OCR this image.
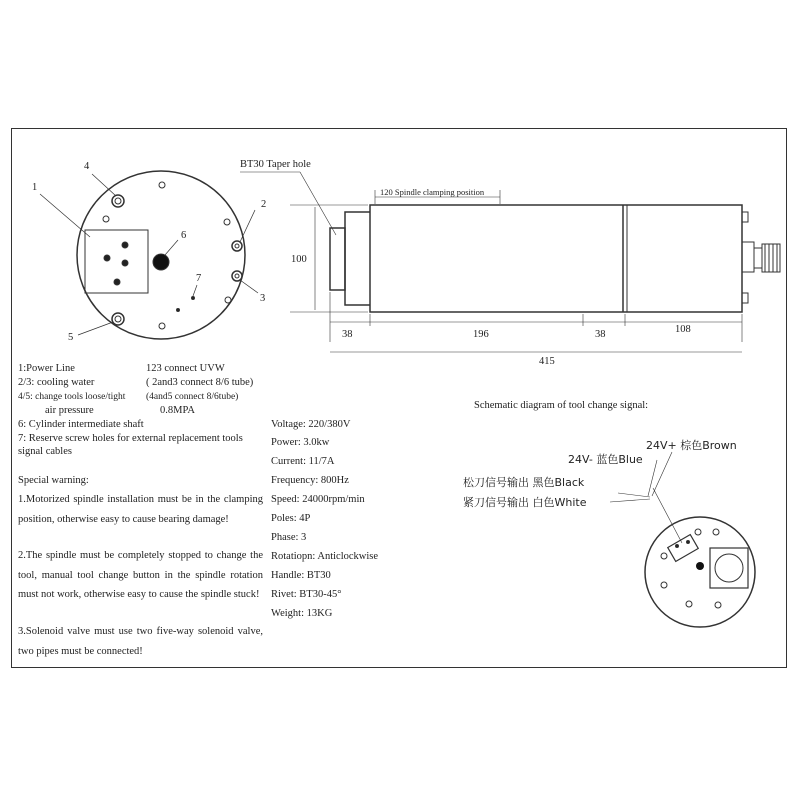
1
2
3
4
5
6
7
BT30 Taper hole
120 Spindle clamping position
100
38	196	38	108
415
1:Power Line	123 connect UVW
2/3: cooling water	( 2and3 connect 8/6 tube)
4/5: change tools loose/tight (4and5 connect 8/6tube)
air pressure	0.8MPA
6: Cylinder intermediate shaft
7: Reserve screw holes for external replacement tools
signal cables
Special warning:
1.Motorized spindle installation must be in the clamping position, otherwise easy to cause bearing damage!
2.The spindle must be completely stopped to change the tool, manual tool change button in the spindle rotation must not work, otherwise easy to cause the spindle stuck!
3.Solenoid valve must use two five-way solenoid valve, two pipes must be connected!
Voltage: 220/380V
Power: 3.0kw
Current: 11/7A
Frequency: 800Hz
Speed: 24000rpm/min
Poles: 4P
Phase: 3
Rotatiopn: Anticlockwise
Handle: BT30
Rivet: BT30-45°
Weight: 13KG
Schematic diagram of tool change signal:
24V+ 棕色Brown
24V- 蓝色Blue
松刀信号输出 黑色Black
紧刀信号输出 白色White
